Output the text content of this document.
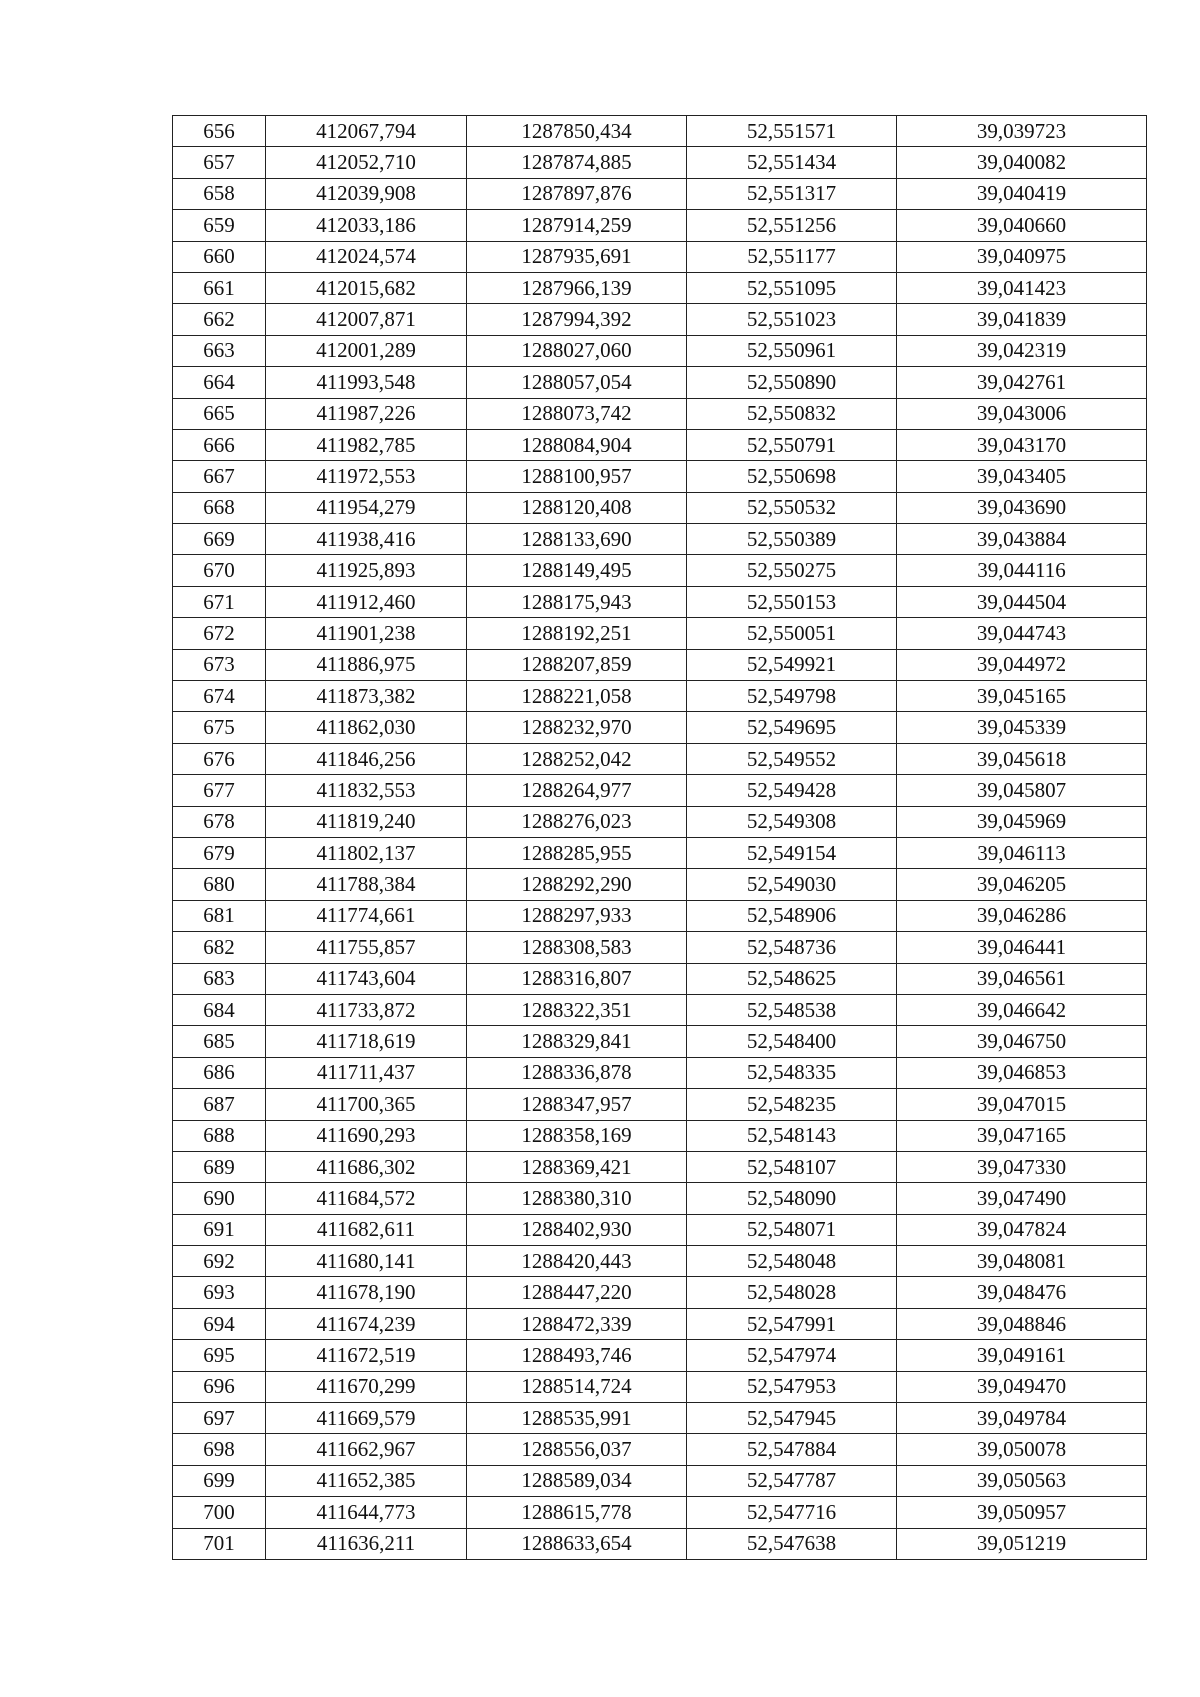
656	412067,794	1287850,434	52,551571	39,039723
657	412052,710	1287874,885	52,551434	39,040082
658	412039,908	1287897,876	52,551317	39,040419
659	412033,186	1287914,259	52,551256	39,040660
660	412024,574	1287935,691	52,551177	39,040975
661	412015,682	1287966,139	52,551095	39,041423
662	412007,871	1287994,392	52,551023	39,041839
663	412001,289	1288027,060	52,550961	39,042319
664	411993,548	1288057,054	52,550890	39,042761
665	411987,226	1288073,742	52,550832	39,043006
666	411982,785	1288084,904	52,550791	39,043170
667	411972,553	1288100,957	52,550698	39,043405
668	411954,279	1288120,408	52,550532	39,043690
669	411938,416	1288133,690	52,550389	39,043884
670	411925,893	1288149,495	52,550275	39,044116
671	411912,460	1288175,943	52,550153	39,044504
672	411901,238	1288192,251	52,550051	39,044743
673	411886,975	1288207,859	52,549921	39,044972
674	411873,382	1288221,058	52,549798	39,045165
675	411862,030	1288232,970	52,549695	39,045339
676	411846,256	1288252,042	52,549552	39,045618
677	411832,553	1288264,977	52,549428	39,045807
678	411819,240	1288276,023	52,549308	39,045969
679	411802,137	1288285,955	52,549154	39,046113
680	411788,384	1288292,290	52,549030	39,046205
681	411774,661	1288297,933	52,548906	39,046286
682	411755,857	1288308,583	52,548736	39,046441
683	411743,604	1288316,807	52,548625	39,046561
684	411733,872	1288322,351	52,548538	39,046642
685	411718,619	1288329,841	52,548400	39,046750
686	411711,437	1288336,878	52,548335	39,046853
687	411700,365	1288347,957	52,548235	39,047015
688	411690,293	1288358,169	52,548143	39,047165
689	411686,302	1288369,421	52,548107	39,047330
690	411684,572	1288380,310	52,548090	39,047490
691	411682,611	1288402,930	52,548071	39,047824
692	411680,141	1288420,443	52,548048	39,048081
693	411678,190	1288447,220	52,548028	39,048476
694	411674,239	1288472,339	52,547991	39,048846
695	411672,519	1288493,746	52,547974	39,049161
696	411670,299	1288514,724	52,547953	39,049470
697	411669,579	1288535,991	52,547945	39,049784
698	411662,967	1288556,037	52,547884	39,050078
699	411652,385	1288589,034	52,547787	39,050563
700	411644,773	1288615,778	52,547716	39,050957
701	411636,211	1288633,654	52,547638	39,051219
